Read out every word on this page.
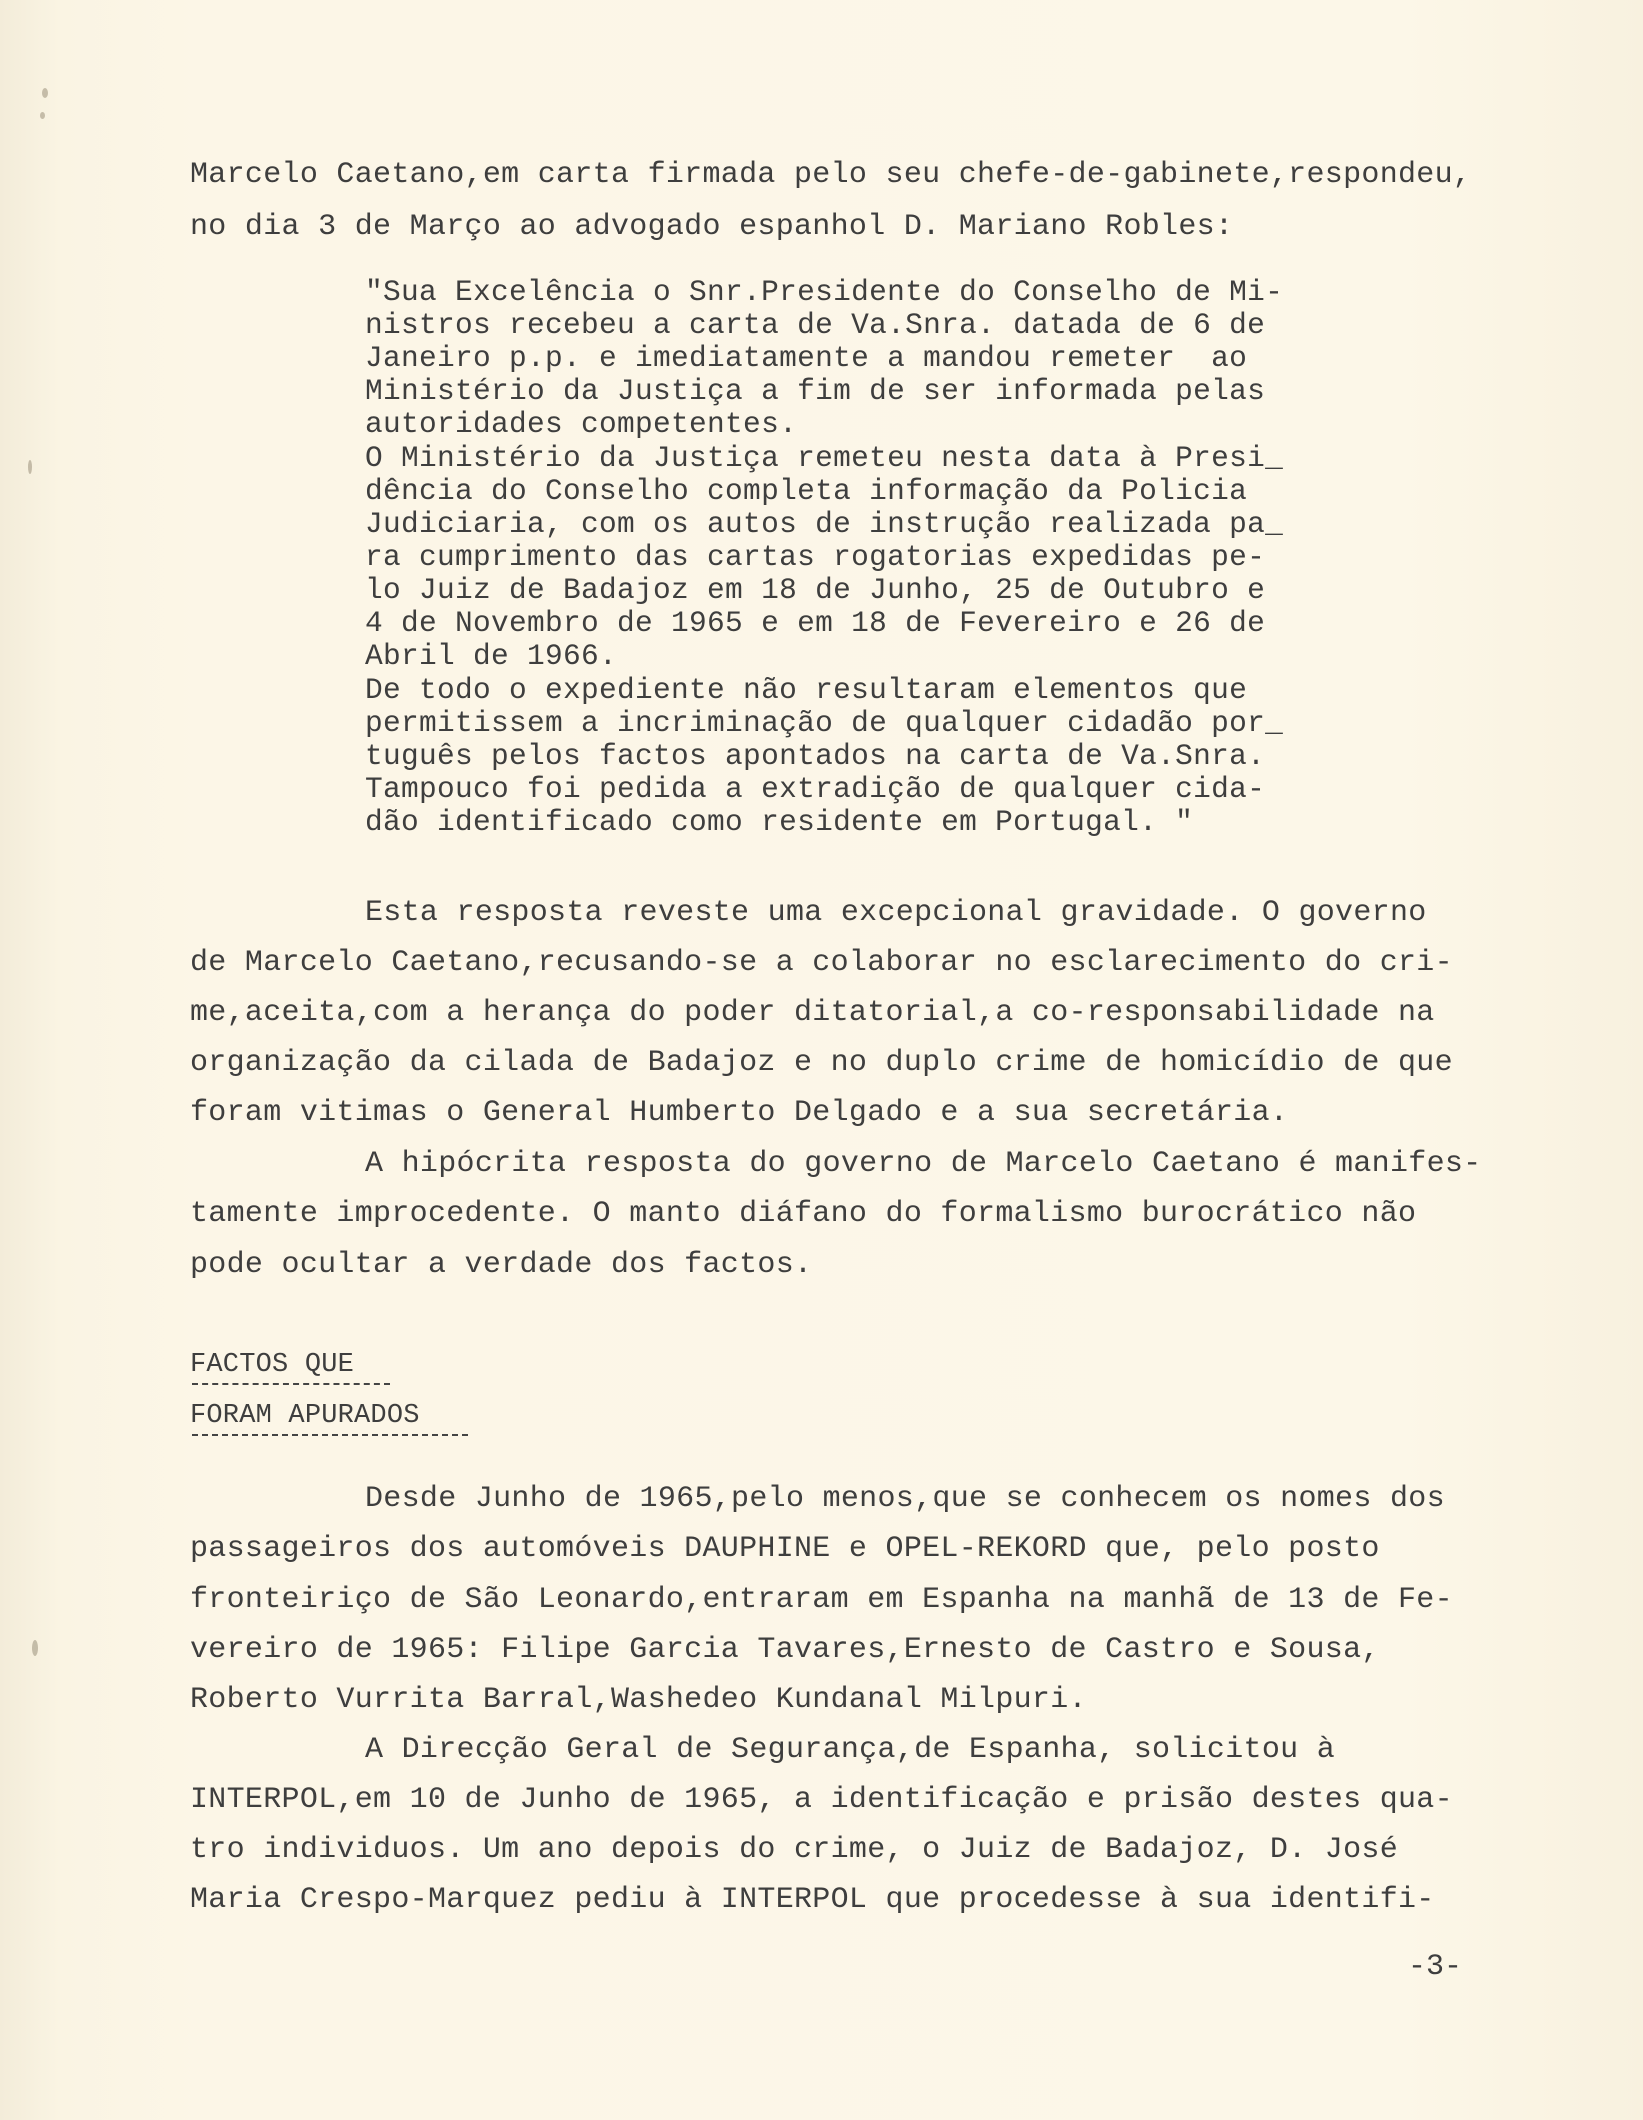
Marcelo Caetano,em carta firmada pelo seu chefe-de-gabinete,respondeu,
no dia 3 de Março ao advogado espanhol D. Mariano Robles:
"Sua Excelência o Snr.Presidente do Conselho de Mi-
nistros recebeu a carta de Va.Snra. datada de 6 de
Janeiro p.p. e imediatamente a mandou remeter  ao
Ministério da Justiça a fim de ser informada pelas
autoridades competentes.
O Ministério da Justiça remeteu nesta data à Presi_
dência do Conselho completa informação da Policia
Judiciaria, com os autos de instrução realizada pa_
ra cumprimento das cartas rogatorias expedidas pe-
lo Juiz de Badajoz em 18 de Junho, 25 de Outubro e
4 de Novembro de 1965 e em 18 de Fevereiro e 26 de
Abril de 1966.
De todo o expediente não resultaram elementos que
permitissem a incriminação de qualquer cidadão por_
tuguês pelos factos apontados na carta de Va.Snra.
Tampouco foi pedida a extradição de qualquer cida-
dão identificado como residente em Portugal. "
Esta resposta reveste uma excepcional gravidade. O governo
de Marcelo Caetano,recusando-se a colaborar no esclarecimento do cri-
me,aceita,com a herança do poder ditatorial,a co-responsabilidade na
organização da cilada de Badajoz e no duplo crime de homicídio de que
foram vitimas o General Humberto Delgado e a sua secretária.
A hipócrita resposta do governo de Marcelo Caetano é manifes-
tamente improcedente. O manto diáfano do formalismo burocrático não
pode ocultar a verdade dos factos.
FACTOS QUE
FORAM APURADOS
Desde Junho de 1965,pelo menos,que se conhecem os nomes dos
passageiros dos automóveis DAUPHINE e OPEL-REKORD que, pelo posto
fronteiriço de São Leonardo,entraram em Espanha na manhã de 13 de Fe-
vereiro de 1965: Filipe Garcia Tavares,Ernesto de Castro e Sousa,
Roberto Vurrita Barral,Washedeo Kundanal Milpuri.
A Direcção Geral de Segurança,de Espanha, solicitou à
INTERPOL,em 10 de Junho de 1965, a identificação e prisão destes qua-
tro individuos. Um ano depois do crime, o Juiz de Badajoz, D. José
Maria Crespo-Marquez pediu à INTERPOL que procedesse à sua identifi-
-3-
